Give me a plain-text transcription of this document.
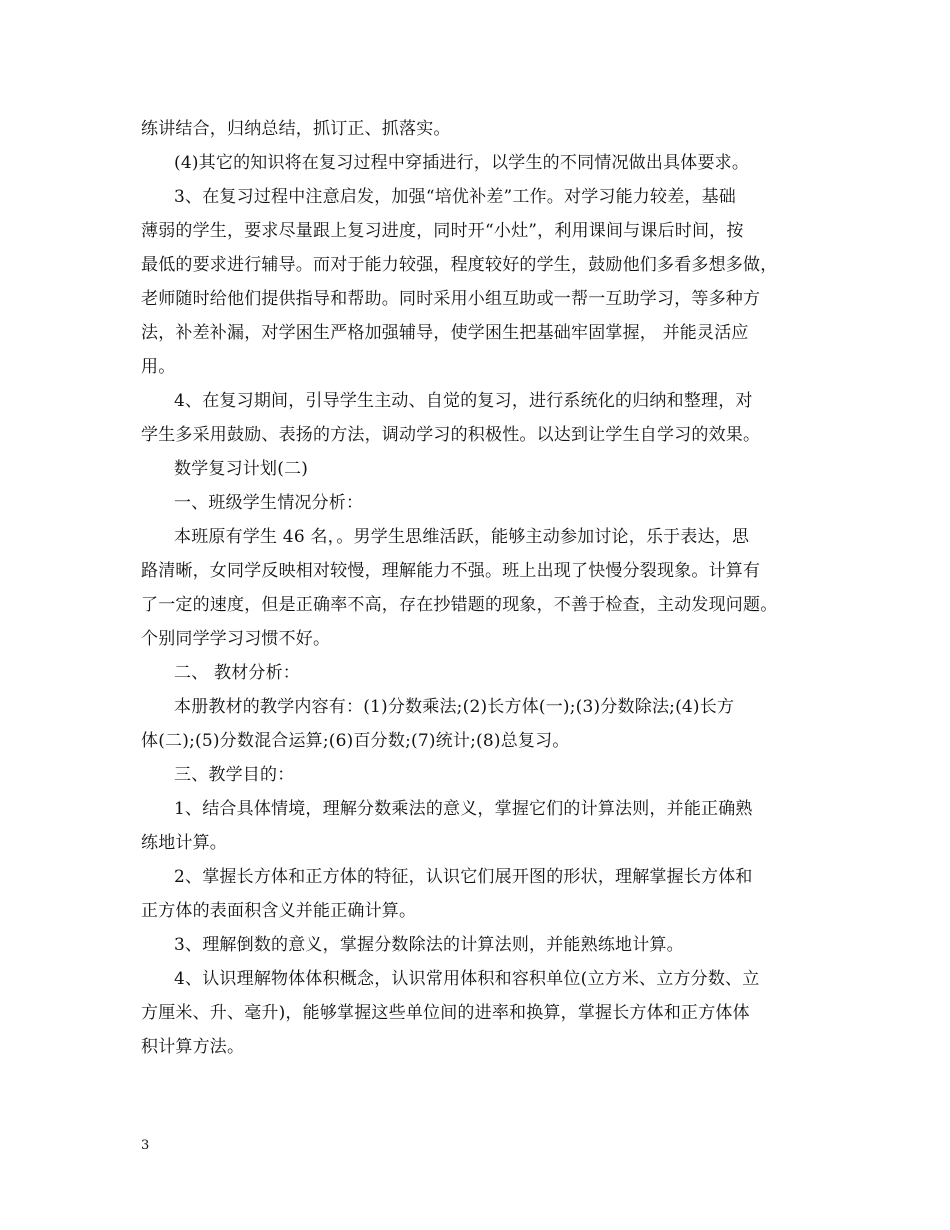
练讲结合，归纳总结，抓订正、抓落实。
(4)其它的知识将在复习过程中穿插进行，以学生的不同情况做出具体要求。
3、在复习过程中注意启发，加强“培优补差”工作。对学习能力较差，基础
薄弱的学生，要求尽量跟上复习进度，同时开“小灶”，利用课间与课后时间，按
最低的要求进行辅导。而对于能力较强，程度较好的学生，鼓励他们多看多想多做，
老师随时给他们提供指导和帮助。同时采用小组互助或一帮一互助学习，等多种方
法，补差补漏，对学困生严格加强辅导，使学困生把基础牢固掌握， 并能灵活应
用。
4、在复习期间，引导学生主动、自觉的复习，进行系统化的归纳和整理，对
学生多采用鼓励、表扬的方法，调动学习的积极性。以达到让学生自学习的效果。
数学复习计划(二)
一、班级学生情况分析：
本班原有学生 46 名，。男学生思维活跃，能够主动参加讨论，乐于表达，思
路清晰，女同学反映相对较慢，理解能力不强。班上出现了快慢分裂现象。计算有
了一定的速度，但是正确率不高，存在抄错题的现象，不善于检查，主动发现问题。
个别同学学习习惯不好。
二、 教材分析：
本册教材的教学内容有：(1)分数乘法;(2)长方体(一);(3)分数除法;(4)长方
体(二);(5)分数混合运算;(6)百分数;(7)统计;(8)总复习。
三、教学目的：
1、结合具体情境，理解分数乘法的意义，掌握它们的计算法则，并能正确熟
练地计算。
2、掌握长方体和正方体的特征，认识它们展开图的形状，理解掌握长方体和
正方体的表面积含义并能正确计算。
3、理解倒数的意义，掌握分数除法的计算法则，并能熟练地计算。
4、认识理解物体体积概念，认识常用体积和容积单位(立方米、立方分数、立
方厘米、升、毫升)，能够掌握这些单位间的进率和换算，掌握长方体和正方体体
积计算方法。
3
